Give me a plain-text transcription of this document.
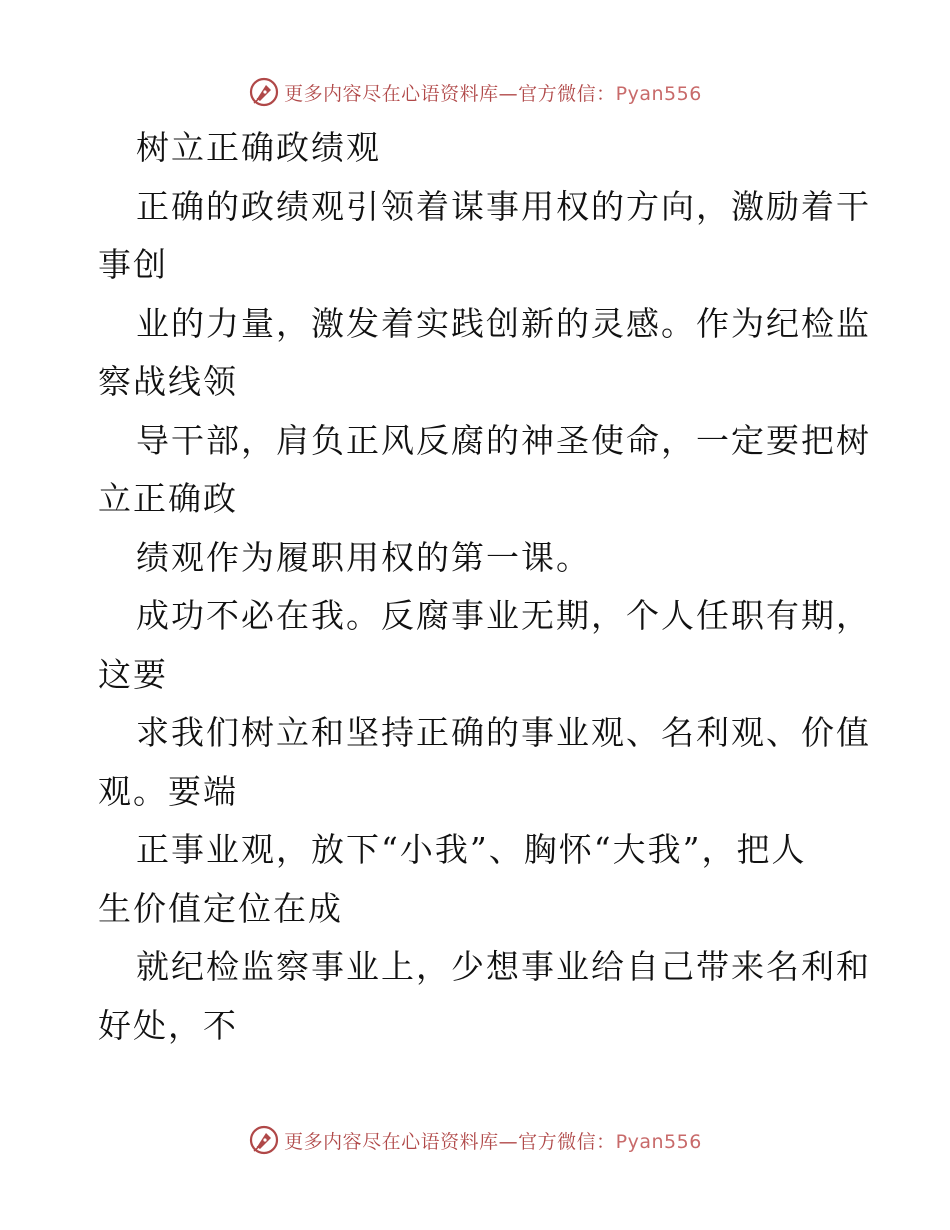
更多内容尽在心语资料库—官方微信：Pyan556
树立正确政绩观
正确的政绩观引领着谋事用权的方向，激励着干
事创
业的力量，激发着实践创新的灵感。作为纪检监
察战线领
导干部，肩负正风反腐的神圣使命，一定要把树
立正确政
绩观作为履职用权的第一课。
成功不必在我。反腐事业无期，个人任职有期，
这要
求我们树立和坚持正确的事业观、名利观、价值
观。要端
正事业观，放下“小我”、胸怀“大我”，把人
生价值定位在成
就纪检监察事业上，少想事业给自己带来名利和
好处，不
更多内容尽在心语资料库—官方微信：Pyan556
